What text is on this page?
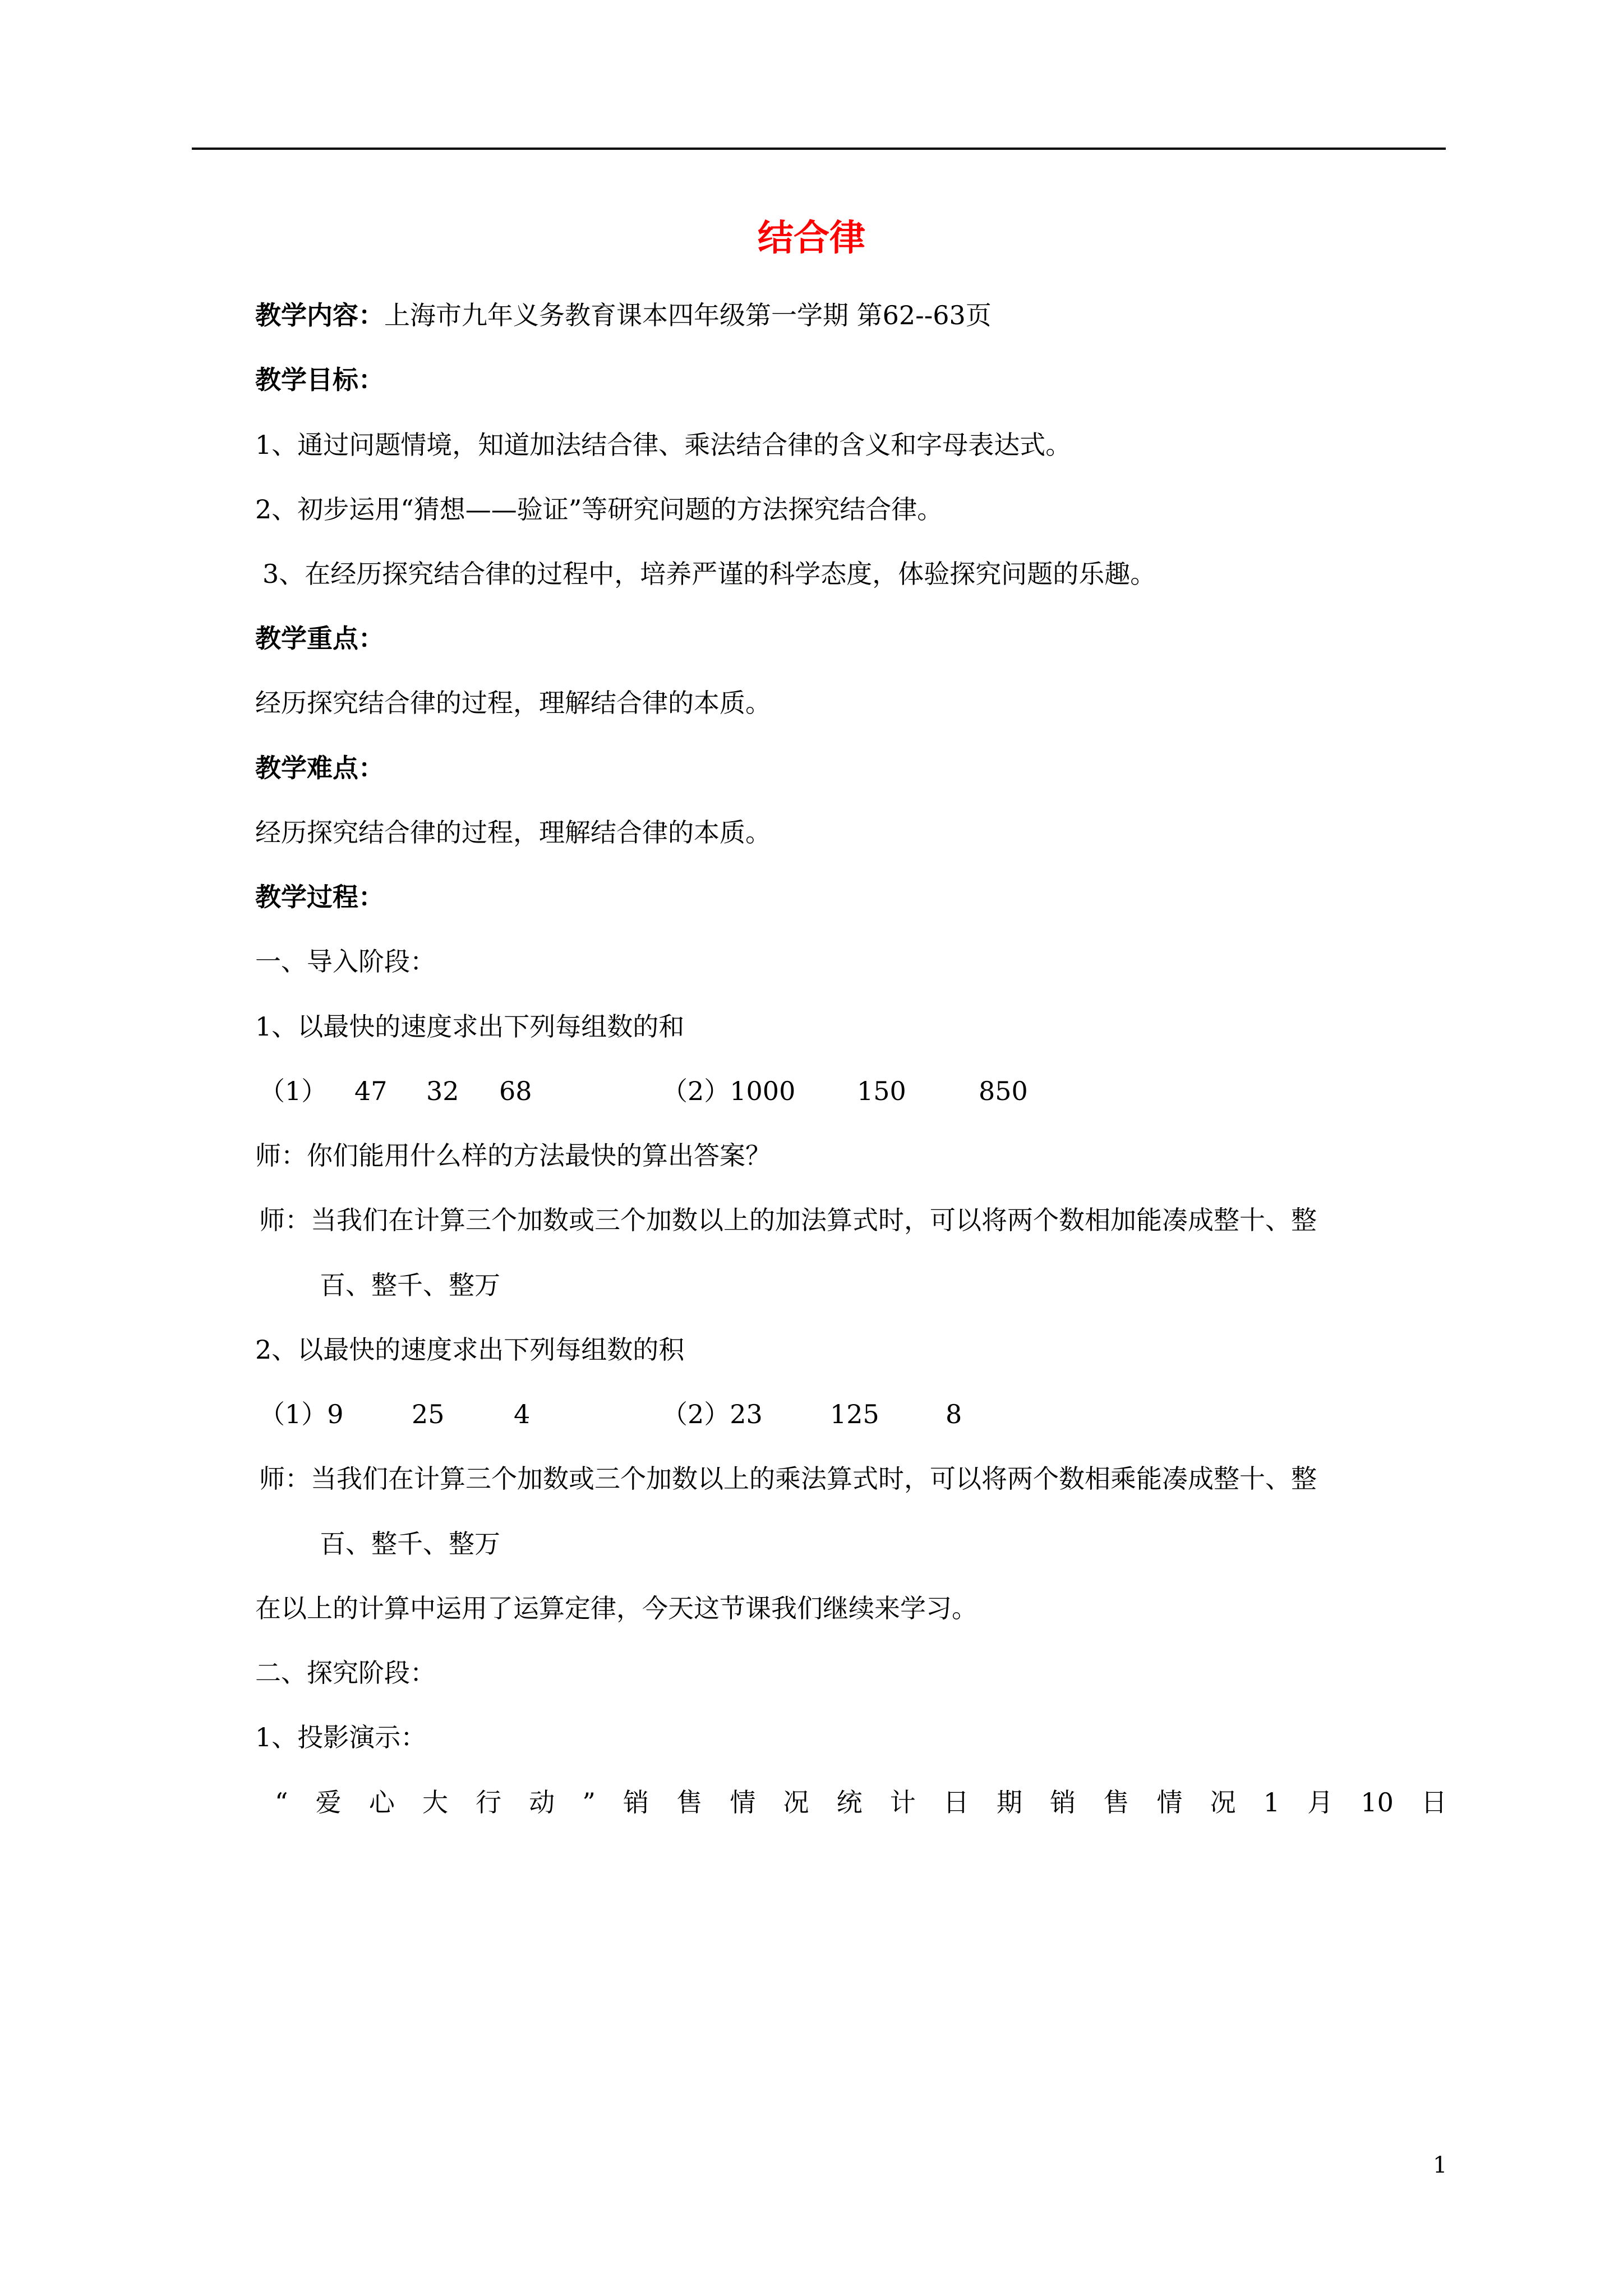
结合律
教学内容：上海市九年义务教育课本四年级第一学期 第62--63页
教学目标：
1、通过问题情境，知道加法结合律、乘法结合律的含义和字母表达式。
2、初步运用“猜想——验证”等研究问题的方法探究结合律。
3、在经历探究结合律的过程中，培养严谨的科学态度，体验探究问题的乐趣。
教学重点：
经历探究结合律的过程，理解结合律的本质。
教学难点：
经历探究结合律的过程，理解结合律的本质。
教学过程：
一、导入阶段：
1、以最快的速度求出下列每组数的和
（1） 47 32 68	（2）1000 150	850
师：你们能用什么样的方法最快的算出答案？
师：当我们在计算三个加数或三个加数以上的加法算式时，可以将两个数相加能凑成整十、整
百、整千、整万
2、以最快的速度求出下列每组数的积
（1）9	25	4	（2）23	125	8
师：当我们在计算三个加数或三个加数以上的乘法算式时，可以将两个数相乘能凑成整十、整
百、整千、整万
在以上的计算中运用了运算定律，今天这节课我们继续来学习。
二、探究阶段：
1、投影演示：
“ 爱 心 大 行 动 ” 销 售 情 况 统 计 日 期 销 售 情 况 1 月 10 日
1
